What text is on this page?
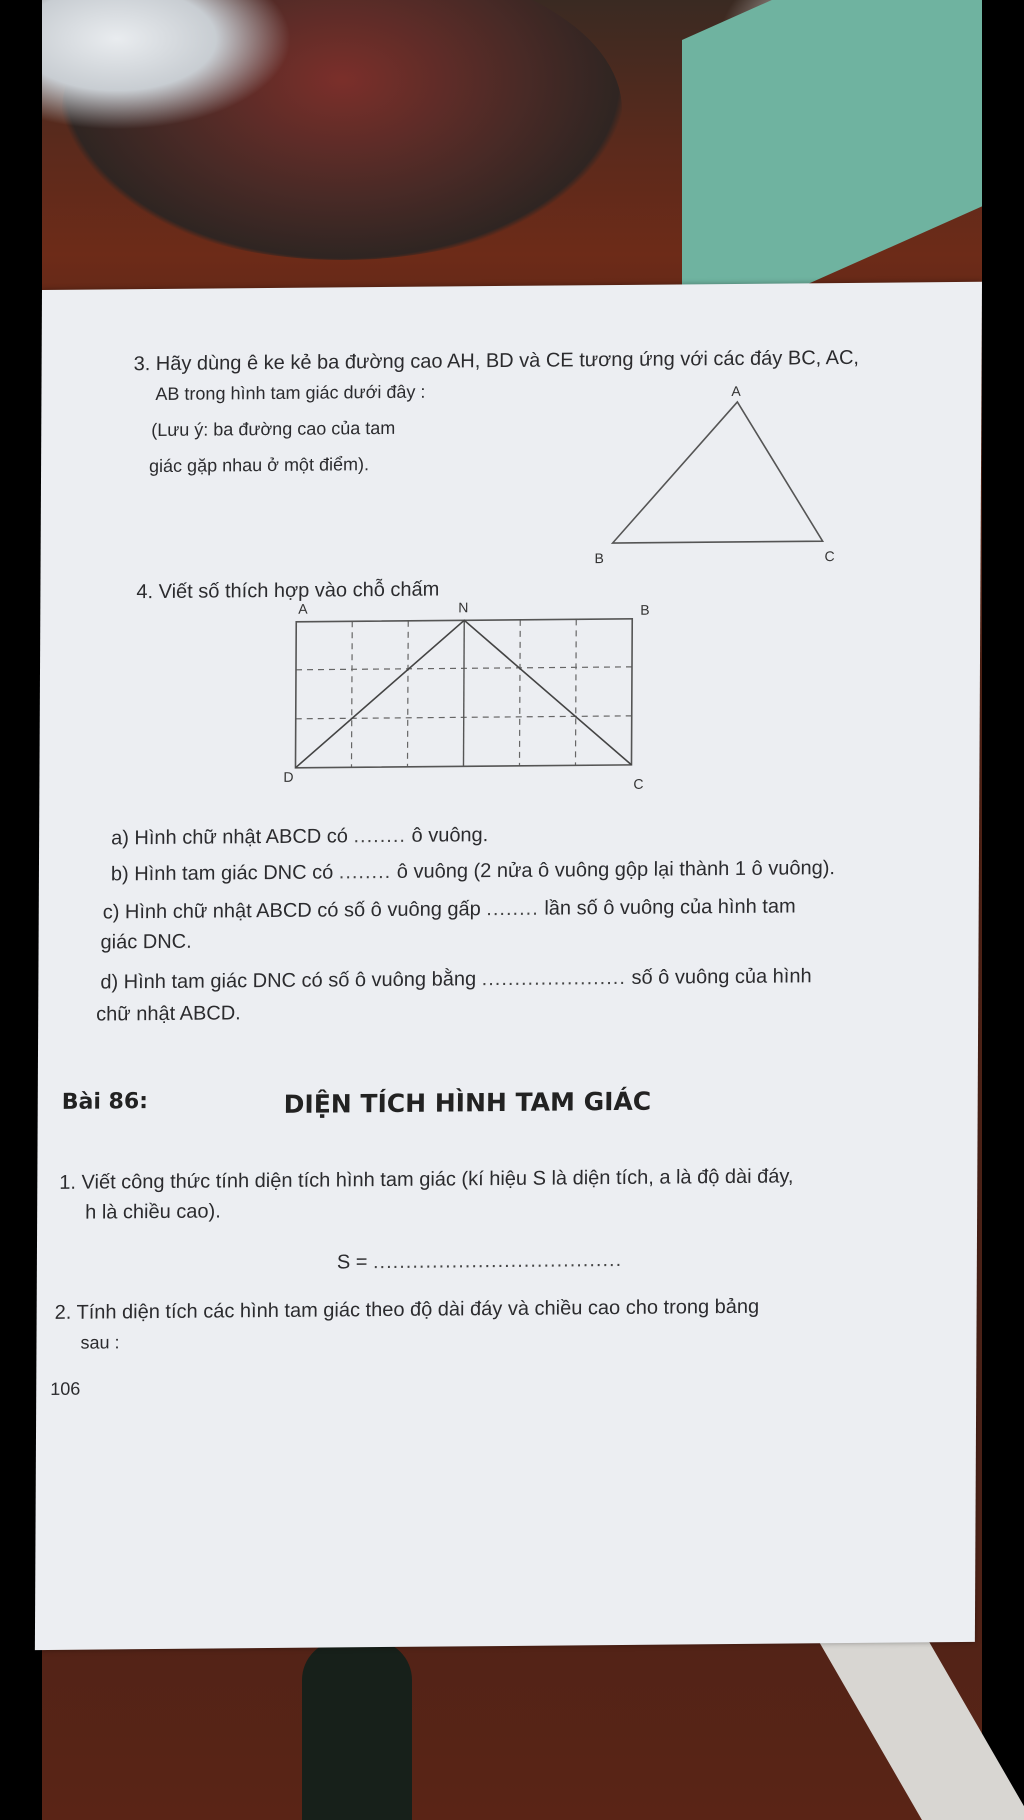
3. Hãy dùng ê ke kẻ ba đường cao AH, BD và CE tương ứng với các đáy BC, AC,
AB trong hình tam giác dưới đây :
(Lưu ý: ba đường cao của tam
giác gặp nhau ở một điểm).
A
B	C
4. Viết số thích hợp vào chỗ chấm
A	N	B
D	C
a) Hình chữ nhật ABCD có ........ ô vuông.
b) Hình tam giác DNC có ........ ô vuông (2 nửa ô vuông gộp lại thành 1 ô vuông).
c) Hình chữ nhật ABCD có số ô vuông gấp ........ lần số ô vuông của hình tam
giác DNC.
d) Hình tam giác DNC có số ô vuông bằng ...................... số ô vuông của hình
chữ nhật ABCD.
Bài 86:	DIỆN TÍCH HÌNH TAM GIÁC
1. Viết công thức tính diện tích hình tam giác (kí hiệu S là diện tích, a là độ dài đáy,
h là chiều cao).
S = ......................................
2. Tính diện tích các hình tam giác theo độ dài đáy và chiều cao cho trong bảng
sau :
106
